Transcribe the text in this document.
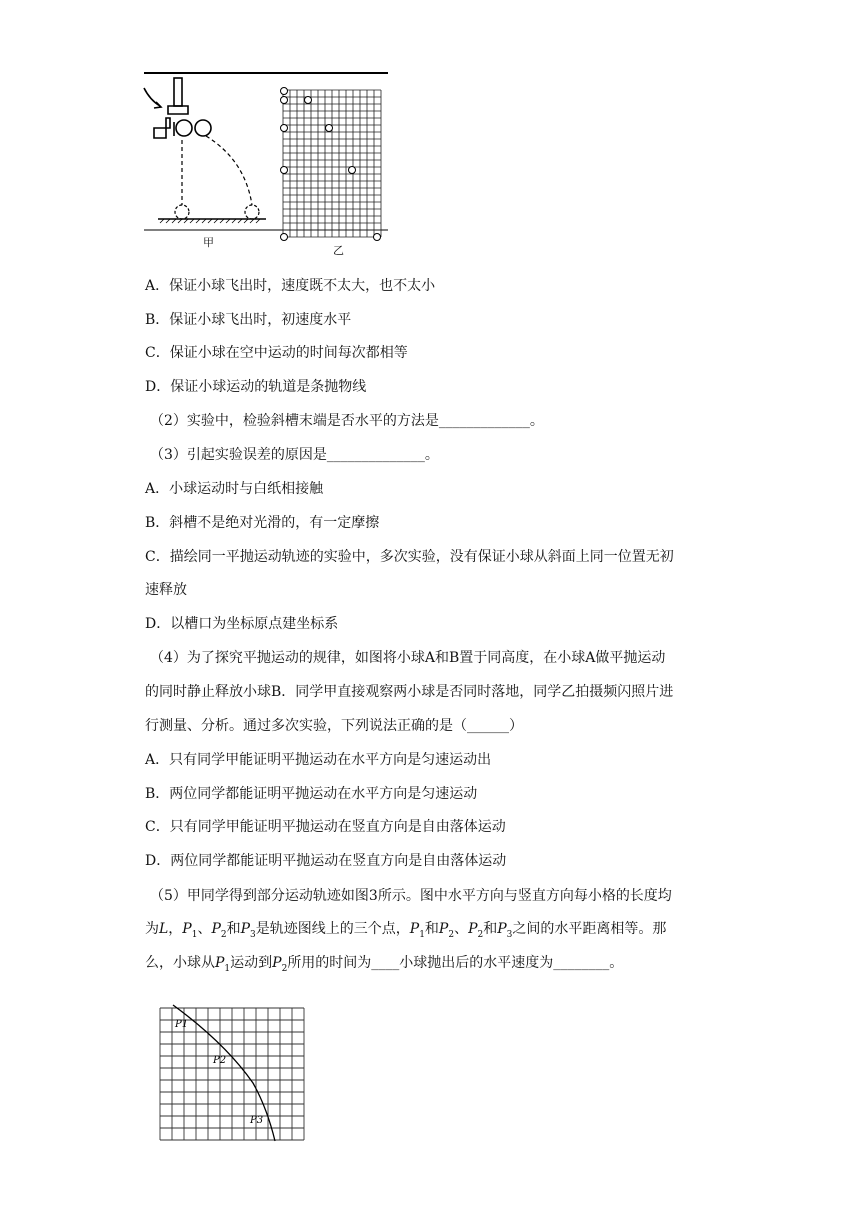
甲
乙
A．保证小球飞出时，速度既不太大，也不太小
B．保证小球飞出时，初速度水平
C．保证小球在空中运动的时间每次都相等
D．保证小球运动的轨道是条抛物线
（2）实验中，检验斜槽末端是否水平的方法是_____________。
（3）引起实验误差的原因是______________。
A．小球运动时与白纸相接触
B．斜槽不是绝对光滑的，有一定摩擦
C．描绘同一平抛运动轨迹的实验中，多次实验，没有保证小球从斜面上同一位置无初
速释放
D．以槽口为坐标原点建坐标系
（4）为了探究平抛运动的规律，如图将小球A和B置于同高度，在小球A做平抛运动
的同时静止释放小球B．同学甲直接观察两小球是否同时落地，同学乙拍摄频闪照片进
行测量、分析。通过多次实验，下列说法正确的是（______）
A．只有同学甲能证明平抛运动在水平方向是匀速运动出
B．两位同学都能证明平抛运动在水平方向是匀速运动
C．只有同学甲能证明平抛运动在竖直方向是自由落体运动
D．两位同学都能证明平抛运动在竖直方向是自由落体运动
（5）甲同学得到部分运动轨迹如图3所示。图中水平方向与竖直方向每小格的长度均
为L，$P_1$、$P_2$和$P_3$是轨迹图线上的三个点，$P_1$和$P_2$、$P_2$和$P_3$之间的水平距离相等。那
么，小球从$P_1$运动到$P_2$所用的时间为____小球抛出后的水平速度为________。
P1
P2
P3
